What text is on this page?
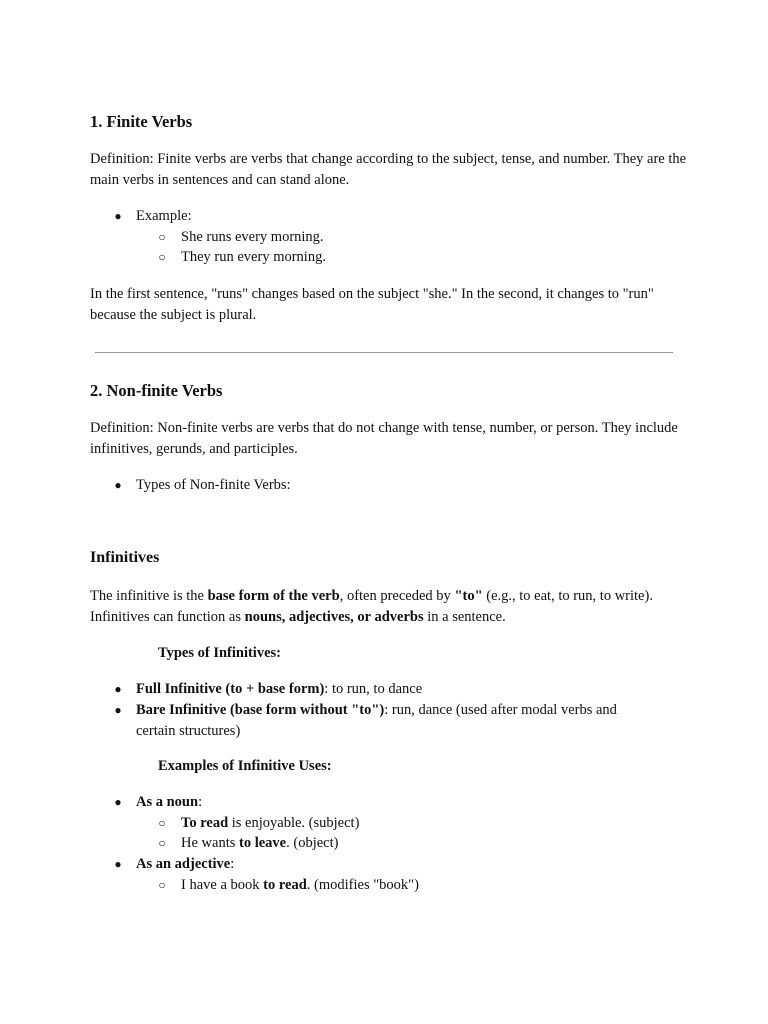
1. Finite Verbs

Definition: Finite verbs are verbs that change according to the subject, tense, and number. They are the main verbs in sentences and can stand alone.

● Example:
○ She runs every morning.
○ They run every morning.

In the first sentence, "runs" changes based on the subject "she." In the second, it changes to "run" because the subject is plural.

2. Non-finite Verbs

Definition: Non-finite verbs are verbs that do not change with tense, number, or person. They include infinitives, gerunds, and participles.

● Types of Non-finite Verbs:
Infinitives

The infinitive is the base form of the verb, often preceded by "to" (e.g., to eat, to run, to write). Infinitives can function as nouns, adjectives, or adverbs in a sentence.

Types of Infinitives:
● Full Infinitive (to + base form): to run, to dance
● Bare Infinitive (base form without "to"): run, dance (used after modal verbs and certain structures)
Examples of Infinitive Uses:
● As a noun:
○ To read is enjoyable. (subject)
○ He wants to leave. (object)
● As an adjective:
○ I have a book to read. (modifies "book")
